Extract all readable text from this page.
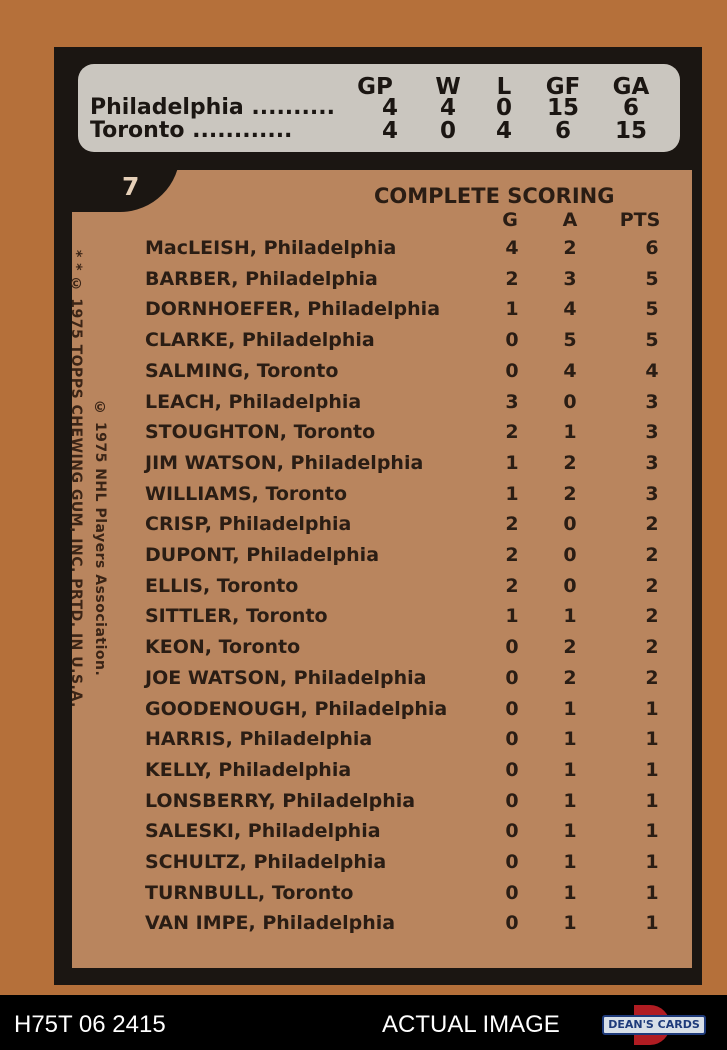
7
GP	W	L	GF	GA
Philadelphia .......... 4	4	0	15	6
Toronto ............	4	0	4	6	15
COMPLETE SCORING
G	A	PTS
MacLEISH, Philadelphia	4	2	6
BARBER, Philadelphia	2	3	5
DORNHOEFER, Philadelphia	1	4	5
CLARKE, Philadelphia	0	5	5
SALMING, Toronto	0	4	4
LEACH, Philadelphia	3	0	3
STOUGHTON, Toronto	2	1	3
JIM WATSON, Philadelphia	1	2	3
WILLIAMS, Toronto	1	2	3
CRISP, Philadelphia	2	0	2
DUPONT, Philadelphia	2	0	2
ELLIS, Toronto	2	0	2
SITTLER, Toronto	1	1	2
KEON, Toronto	0	2	2
JOE WATSON, Philadelphia	0	2	2
GOODENOUGH, Philadelphia	0	1	1
HARRIS, Philadelphia	0	1	1
KELLY, Philadelphia	0	1	1
LONSBERRY, Philadelphia	0	1	1
SALESKI, Philadelphia	0	1	1
SCHULTZ, Philadelphia	0	1	1
TURNBULL, Toronto	0	1	1
VAN IMPE, Philadelphia	0	1	1
* * © 1975 TOPPS CHEWING GUM, INC. PRTD. IN U.S.A. © 1975 NHL Players Association.
H75T 06 2415	ACTUAL IMAGE	DEAN'S CARDS
